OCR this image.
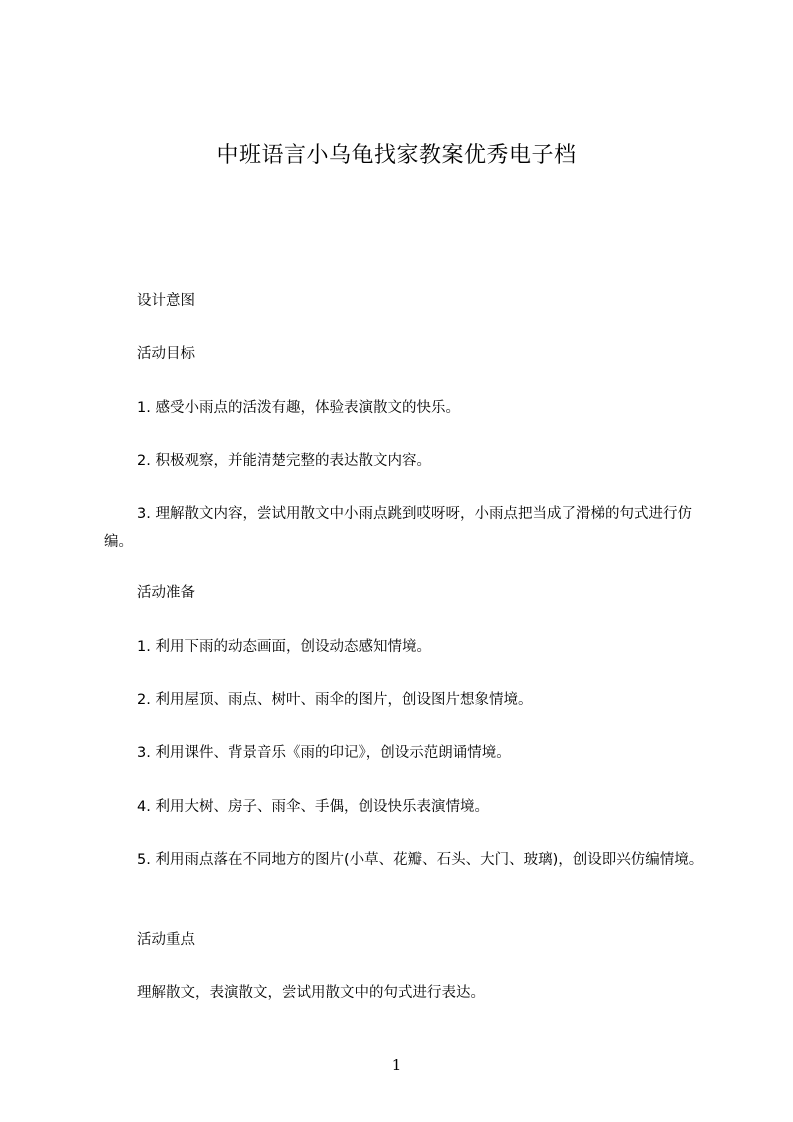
中班语言小乌龟找家教案优秀电子档
设计意图
活动目标
1. 感受小雨点的活泼有趣，体验表演散文的快乐。
2. 积极观察，并能清楚完整的表达散文内容。
3. 理解散文内容，尝试用散文中小雨点跳到哎呀呀，小雨点把当成了滑梯的句式进行仿编。
活动准备
1. 利用下雨的动态画面，创设动态感知情境。
2. 利用屋顶、雨点、树叶、雨伞的图片，创设图片想象情境。
3. 利用课件、背景音乐《雨的印记》，创设示范朗诵情境。
4. 利用大树、房子、雨伞、手偶，创设快乐表演情境。
5. 利用雨点落在不同地方的图片(小草、花瓣、石头、大门、玻璃)，创设即兴仿编情境。
活动重点
理解散文，表演散文，尝试用散文中的句式进行表达。
1
